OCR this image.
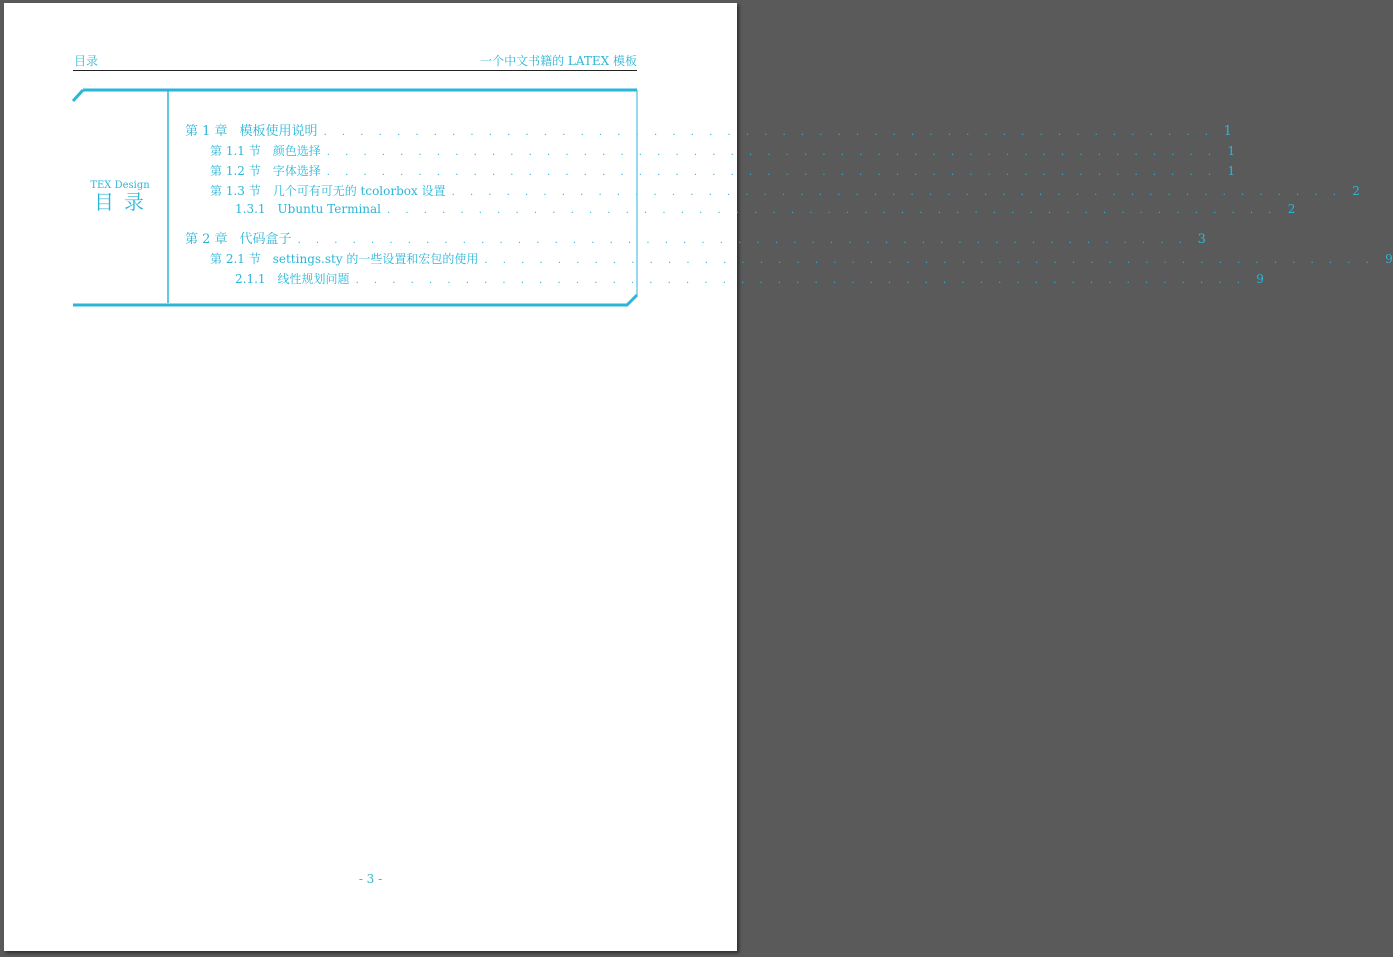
目录	一个中文书籍的 LATEX 模板
TEX Design
目录
第 1 章 模板使用说明 . . . . . . . . . . . . . . . . . . . . . . . . . . . . . . . . . . . . . . . . . . . . . . . . . 1
第 1.1 节	颜色选择 . . . . . . . . . . . . . . . . . . . . . . . . . . . . . . . . . . . . . . . . . . . . . . . . . 1
第 1.2 节	字体选择 . . . . . . . . . . . . . . . . . . . . . . . . . . . . . . . . . . . . . . . . . . . . . . . . . 1
第 1.3 节	几个可有可无的 tcolorbox 设置 . . . . . . . . . . . . . . . . . . . . . . . . . . . . . . . . . . . . . . . . . . . . . . . . . 2
1.3.1	Ubuntu Terminal . . . . . . . . . . . . . . . . . . . . . . . . . . . . . . . . . . . . . . . . . . . . . . . . . 2
第 2 章 代码盒子 . . . . . . . . . . . . . . . . . . . . . . . . . . . . . . . . . . . . . . . . . . . . . . . . . 3
第 2.1 节	settings.sty 的一些设置和宏包的使用 . . . . . . . . . . . . . . . . . . . . . . . . . . . . . . . . . . . . . . . . . . . . . . . . . 9
2.1.1	线性规划问题 . . . . . . . . . . . . . . . . . . . . . . . . . . . . . . . . . . . . . . . . . . . . . . . . . 9
- 3 -
